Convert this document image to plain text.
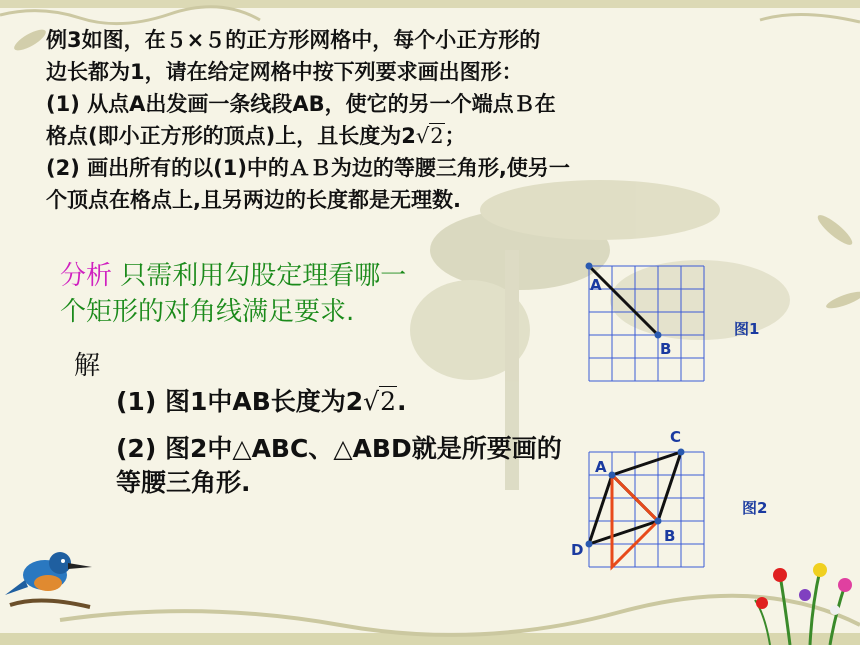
例3如图，在５×５的正方形网格中，每个小正方形的
边长都为1，请在给定网格中按下列要求画出图形：
(1) 从点A出发画一条线段AB，使它的另一个端点Ｂ在
格点(即小正方形的顶点)上，且长度为2√2；
(2) 画出所有的以(1)中的ＡＢ为边的等腰三角形,使另一
个顶点在格点上,且另两边的长度都是无理数.
分析 只需利用勾股定理看哪一
个矩形的对角线满足要求.
解
(1) 图1中AB长度为2√2.
(2) 图2中△ABC、△ABD就是所要画的等腰三角形.
A
B
A
C
B
D
图1
图2
